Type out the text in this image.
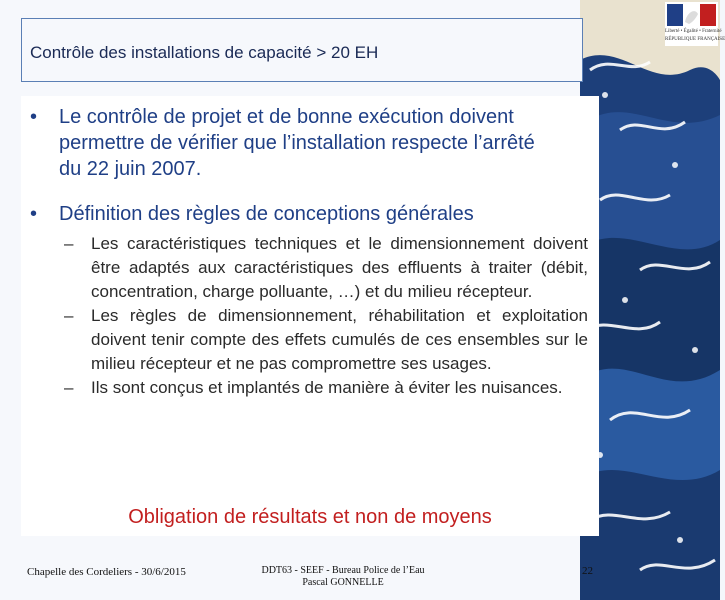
Liberté • Égalité • Fraternité
RÉPUBLIQUE FRANÇAISE
Contrôle des installations de capacité > 20 EH
• Le contrôle de projet et de bonne exécution doivent permettre de vérifier que l’installation respecte l’arrêté du 22 juin 2007.
• Définition des règles de conceptions générales
– Les caractéristiques techniques et le dimensionnement doivent être adaptés aux caractéristiques des effluents à traiter (débit, concentration, charge polluante, …) et du milieu récepteur.
– Les règles de dimensionnement, réhabilitation et exploitation doivent tenir compte des effets cumulés de ces ensembles sur le milieu récepteur et ne pas compromettre ses usages.
– Ils sont conçus et implantés de manière à éviter les nuisances.
Obligation de résultats et non de moyens
Chapelle des Cordeliers - 30/6/2015	DDT63 - SEEF - Bureau Police de l’Eau
Pascal GONNELLE
22
